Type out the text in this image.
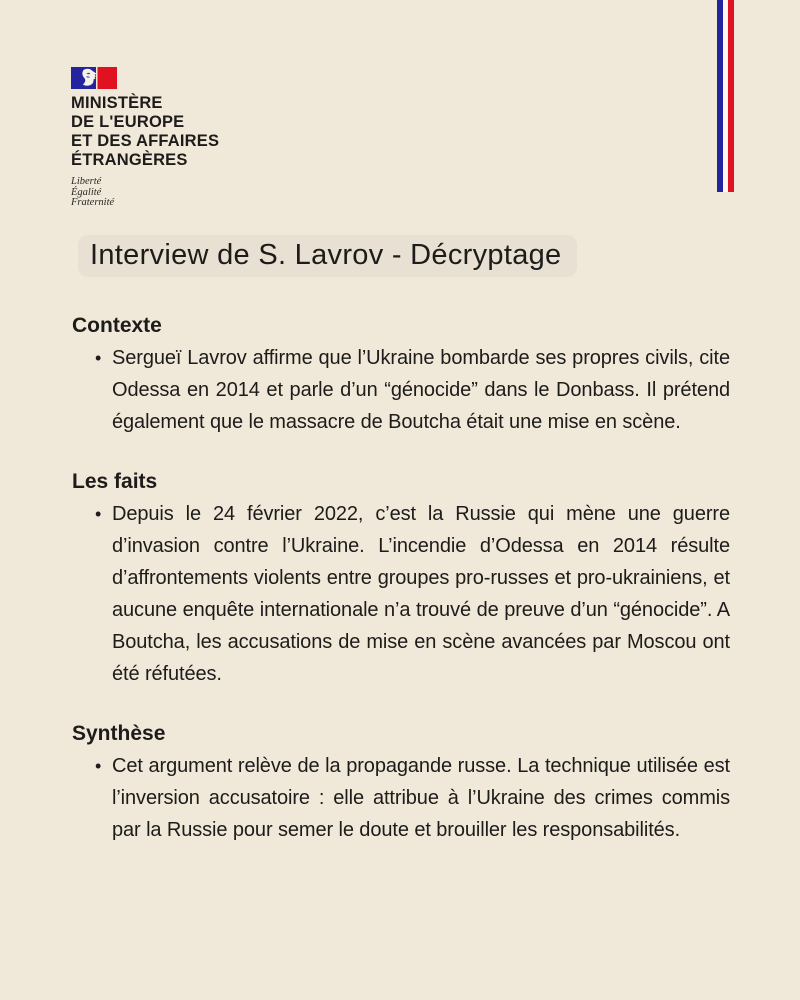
MINISTÈRE
DE L'EUROPE
ET DES AFFAIRES
ÉTRANGÈRES
Liberté
Égalité
Fraternité
Interview de S. Lavrov - Décryptage
Contexte
• Sergueï Lavrov affirme que l’Ukraine bombarde ses propres civils, cite Odessa en 2014 et parle d’un “génocide” dans le Donbass. Il prétend également que le massacre de Boutcha était une mise en scène.
Les faits
• Depuis le 24 février 2022, c’est la Russie qui mène une guerre d’invasion contre l’Ukraine. L’incendie d’Odessa en 2014 résulte d’affrontements violents entre groupes pro-russes et pro-ukrainiens, et aucune enquête internationale n’a trouvé de preuve d’un “génocide”. A Boutcha, les accusations de mise en scène avancées par Moscou ont été réfutées.
Synthèse
• Cet argument relève de la propagande russe. La technique utilisée est l’inversion accusatoire : elle attribue à l’Ukraine des crimes commis par la Russie pour semer le doute et brouiller les responsabilités.
